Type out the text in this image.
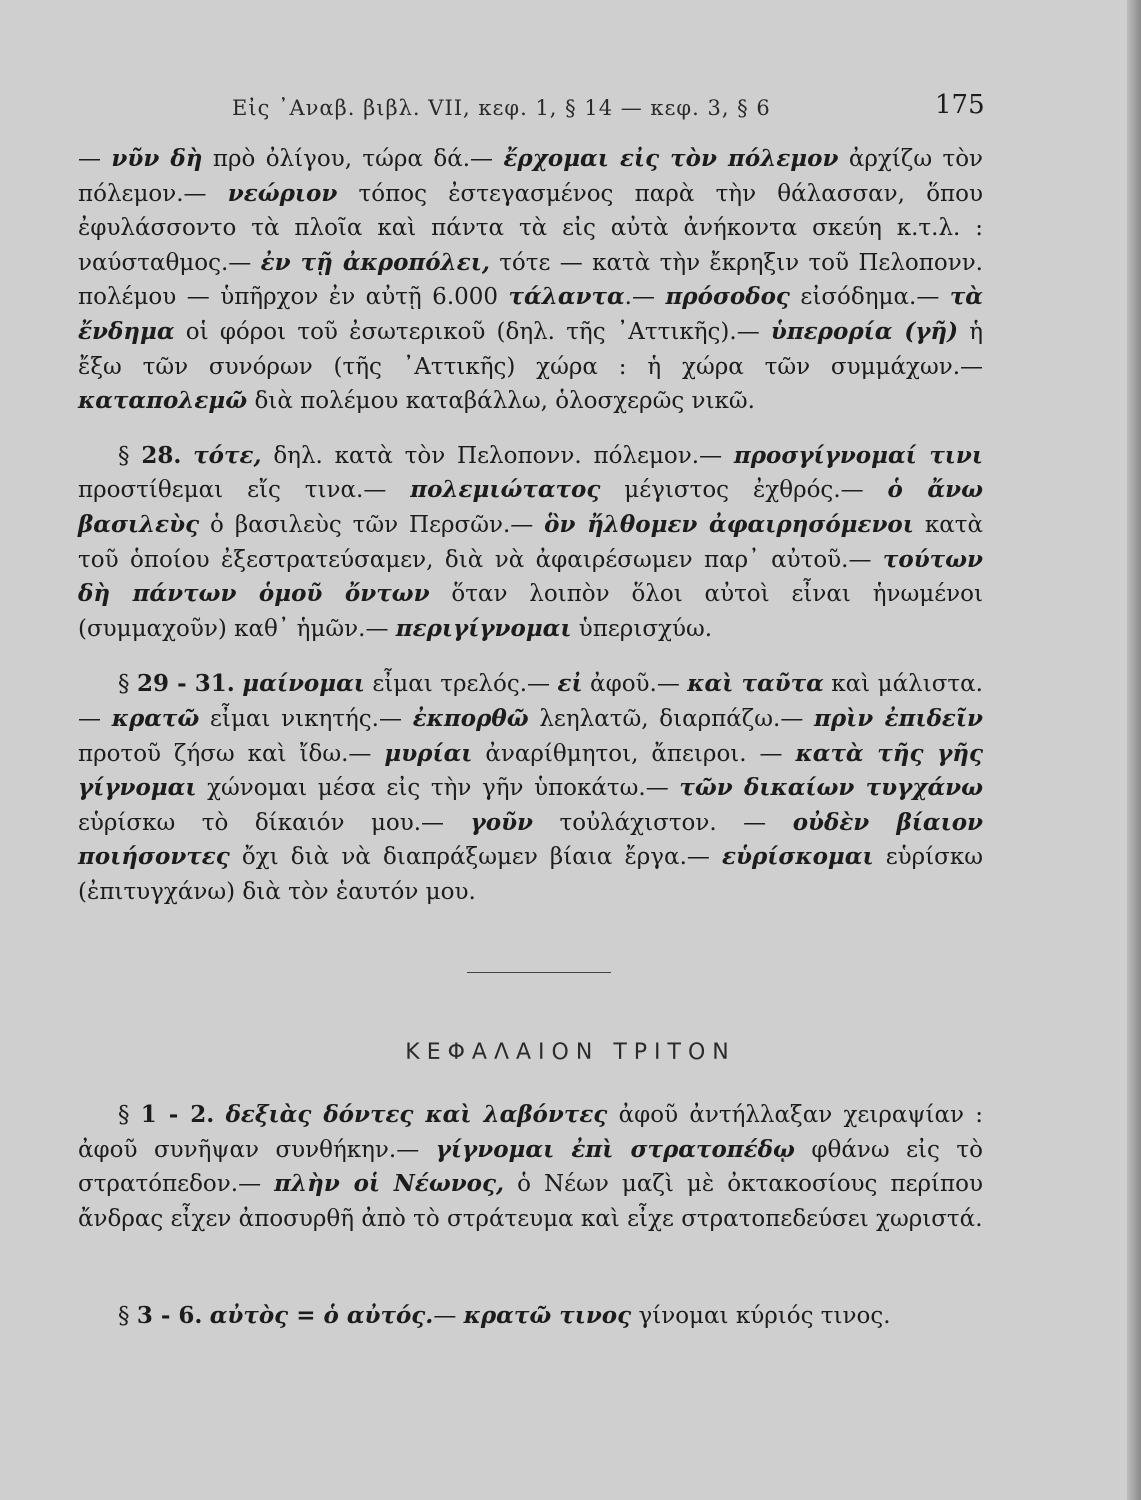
Εἰς ᾽Αναβ. βιβλ. VII, κεφ. 1, § 14 — κεφ. 3, § 6	175

— νῦν δὴ πρὸ ὀλίγου, τώρα δά.— ἔρχομαι εἰς τὸν πόλεμον ἀρχίζω τὸν πόλεμον.— νεώριον τόπος ἐστεγασμένος παρὰ τὴν θάλασσαν, ὅπου ἐφυλάσσοντο τὰ πλοῖα καὶ πάντα τὰ εἰς αὐτὰ ἀνήκοντα σκεύη κ.τ.λ. : ναύσταθμος.— ἐν τῇ ἀκροπόλει, τότε — κατὰ τὴν ἔκρηξιν τοῦ Πελοπονν. πολέμου — ὑπῆρχον ἐν αὐτῇ 6.000 τάλαντα.— πρόσοδος εἰσόδημα.— τὰ ἔνδημα οἱ φόροι τοῦ ἐσωτερικοῦ (δηλ. τῆς ᾽Αττικῆς).— ὑπερορία (γῆ) ἡ ἔξω τῶν συνόρων (τῆς ᾽Αττικῆς) χώρα : ἡ χώρα τῶν συμμάχων.— καταπολεμῶ διὰ πολέμου καταβάλλω, ὁλοσχερῶς νικῶ.

§ 28. τότε, δηλ. κατὰ τὸν Πελοπονν. πόλεμον.— προσγίγνομαί τινι προστίθεμαι εἴς τινα.— πολεμιώτατος μέγιστος ἐχθρός.— ὁ ἄνω βασιλεὺς ὁ βασιλεὺς τῶν Περσῶν.— ὃν ἤλθομεν ἀφαιρησόμενοι κατὰ τοῦ ὁποίου ἐξεστρατεύσαμεν, διὰ νὰ ἀφαιρέσωμεν παρ᾽ αὐτοῦ.— τούτων δὴ πάντων ὁμοῦ ὄντων ὅταν λοιπὸν ὅλοι αὐτοὶ εἶναι ἡνωμένοι (συμμαχοῦν) καθ᾽ ἡμῶν.— περιγίγνομαι ὑπερισχύω.

§ 29 - 31. μαίνομαι εἶμαι τρελός.— εἰ ἀφοῦ.— καὶ ταῦτα καὶ μάλιστα.— κρατῶ εἶμαι νικητής.— ἐκπορθῶ λεηλατῶ, διαρπάζω.— πρὶν ἐπιδεῖν προτοῦ ζήσω καὶ ἴδω.— μυρίαι ἀναρίθμητοι, ἄπειροι. — κατὰ τῆς γῆς γίγνομαι χώνομαι μέσα εἰς τὴν γῆν ὑποκάτω.— τῶν δικαίων τυγχάνω εὑρίσκω τὸ δίκαιόν μου.— γοῦν τοὐλάχιστον. — οὐδὲν βίαιον ποιήσοντες ὄχι διὰ νὰ διαπράξωμεν βίαια ἔργα.— εὑρίσκομαι εὑρίσκω (ἐπιτυγχάνω) διὰ τὸν ἑαυτόν μου.

ΚΕΦΑΛΑΙΟΝ ΤΡΙΤΟΝ

§ 1 - 2. δεξιὰς δόντες καὶ λαβόντες ἀφοῦ ἀντήλλαξαν χειραψίαν : ἀφοῦ συνῆψαν συνθήκην.— γίγνομαι ἐπὶ στρατοπέδῳ φθάνω εἰς τὸ στρατόπεδον.— πλὴν οἱ Νέωνος, ὁ Νέων μαζὶ μὲ ὀκτακοσίους περίπου ἄνδρας εἶχεν ἀποσυρθῆ ἀπὸ τὸ στράτευμα καὶ εἶχε στρατοπεδεύσει χωριστά.

§ 3 - 6. αὐτὸς = ὁ αὐτός.— κρατῶ τινος γίνομαι κύριός τινος.
